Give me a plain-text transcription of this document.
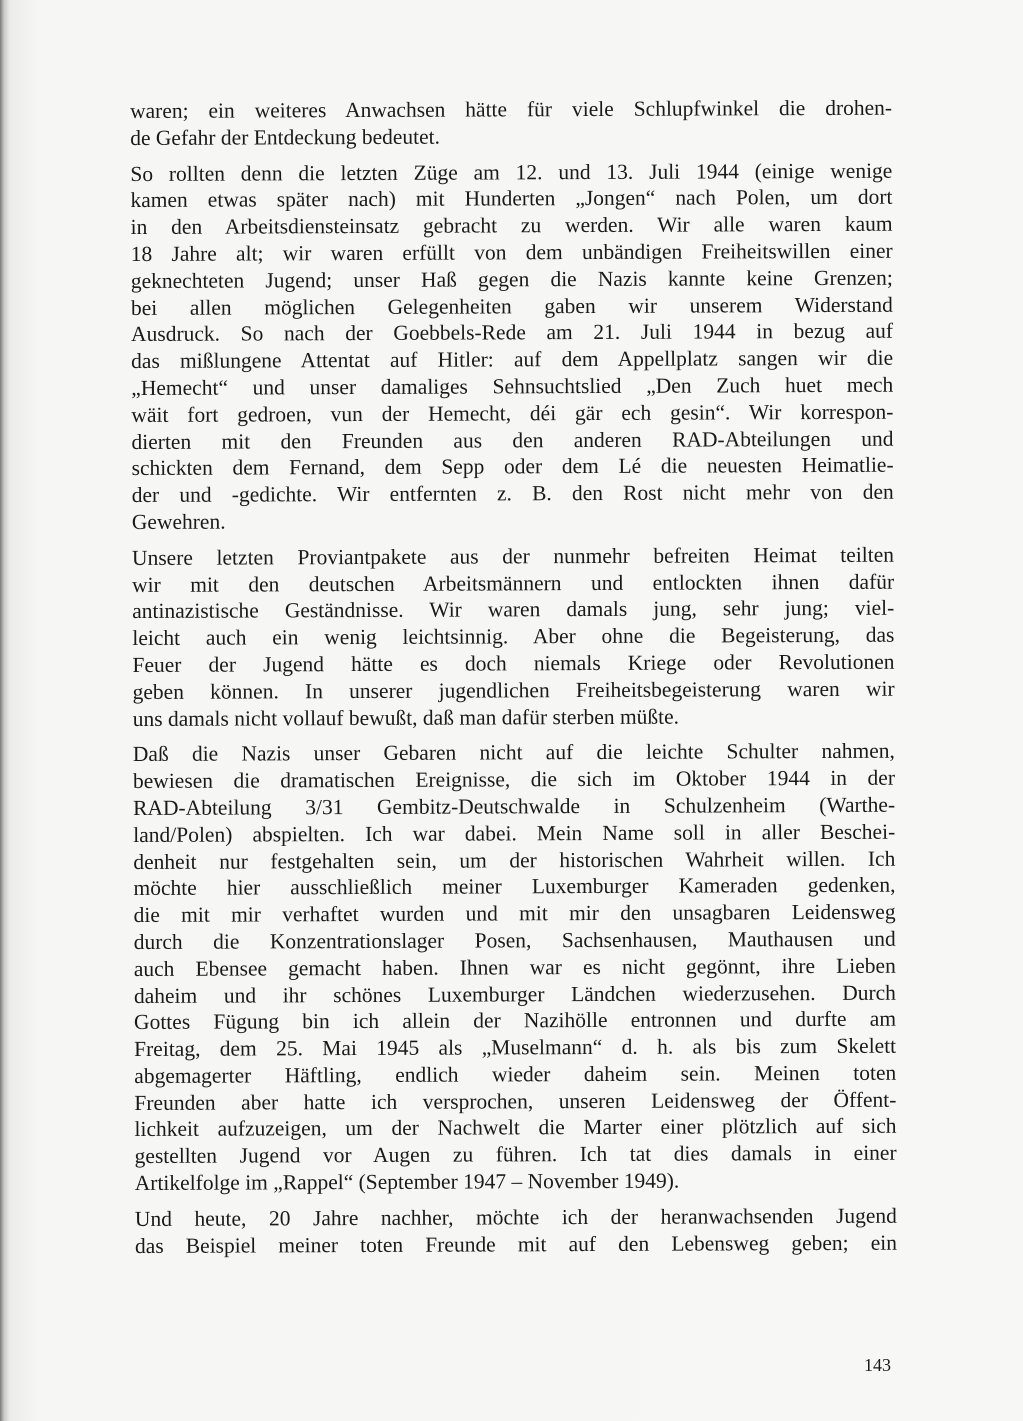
waren; ein weiteres Anwachsen hätte für viele Schlupfwinkel die drohen-
de Gefahr der Entdeckung bedeutet.

So rollten denn die letzten Züge am 12. und 13. Juli 1944 (einige wenige
kamen etwas später nach) mit Hunderten „Jongen“ nach Polen, um dort
in den Arbeitsdiensteinsatz gebracht zu werden. Wir alle waren kaum
18 Jahre alt; wir waren erfüllt von dem unbändigen Freiheitswillen einer
geknechteten Jugend; unser Haß gegen die Nazis kannte keine Grenzen;
bei allen möglichen Gelegenheiten gaben wir unserem Widerstand
Ausdruck. So nach der Goebbels-Rede am 21. Juli 1944 in bezug auf
das mißlungene Attentat auf Hitler: auf dem Appellplatz sangen wir die
„Hemecht“ und unser damaliges Sehnsuchtslied „Den Zuch huet mech
wäit fort gedroen, vun der Hemecht, déi gär ech gesin“. Wir korrespon-
dierten mit den Freunden aus den anderen RAD-Abteilungen und
schickten dem Fernand, dem Sepp oder dem Lé die neuesten Heimatlie-
der und -gedichte. Wir entfernten z. B. den Rost nicht mehr von den
Gewehren.

Unsere letzten Proviantpakete aus der nunmehr befreiten Heimat teilten
wir mit den deutschen Arbeitsmännern und entlockten ihnen dafür
antinazistische Geständnisse. Wir waren damals jung, sehr jung; viel-
leicht auch ein wenig leichtsinnig. Aber ohne die Begeisterung, das
Feuer der Jugend hätte es doch niemals Kriege oder Revolutionen
geben können. In unserer jugendlichen Freiheitsbegeisterung waren wir
uns damals nicht vollauf bewußt, daß man dafür sterben müßte.

Daß die Nazis unser Gebaren nicht auf die leichte Schulter nahmen,
bewiesen die dramatischen Ereignisse, die sich im Oktober 1944 in der
RAD-Abteilung 3/31 Gembitz-Deutschwalde in Schulzenheim (Warthe-
land/Polen) abspielten. Ich war dabei. Mein Name soll in aller Beschei-
denheit nur festgehalten sein, um der historischen Wahrheit willen. Ich
möchte hier ausschließlich meiner Luxemburger Kameraden gedenken,
die mit mir verhaftet wurden und mit mir den unsagbaren Leidensweg
durch die Konzentrationslager Posen, Sachsenhausen, Mauthausen und
auch Ebensee gemacht haben. Ihnen war es nicht gegönnt, ihre Lieben
daheim und ihr schönes Luxemburger Ländchen wiederzusehen. Durch
Gottes Fügung bin ich allein der Nazihölle entronnen und durfte am
Freitag, dem 25. Mai 1945 als „Muselmann“ d. h. als bis zum Skelett
abgemagerter Häftling, endlich wieder daheim sein. Meinen toten
Freunden aber hatte ich versprochen, unseren Leidensweg der Öffent-
lichkeit aufzuzeigen, um der Nachwelt die Marter einer plötzlich auf sich
gestellten Jugend vor Augen zu führen. Ich tat dies damals in einer
Artikelfolge im „Rappel“ (September 1947 – November 1949).

Und heute, 20 Jahre nachher, möchte ich der heranwachsenden Jugend
das Beispiel meiner toten Freunde mit auf den Lebensweg geben; ein

143
